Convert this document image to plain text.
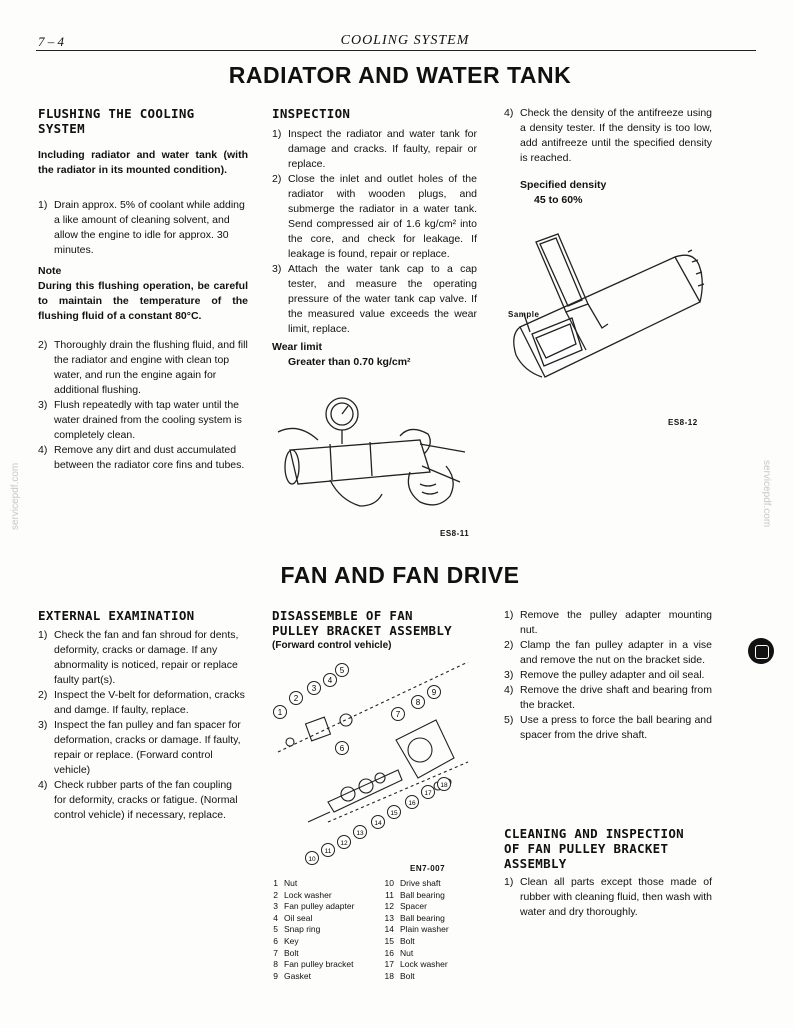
7 – 4	COOLING SYSTEM
RADIATOR AND WATER TANK
FLUSHING THE COOLING
SYSTEM
Including radiator and water tank (with the radiator in its mounted condition).
1) Drain approx. 5% of coolant while adding a like amount of cleaning solvent, and allow the engine to idle for approx. 30 minutes.
Note
During this flushing operation, be careful to maintain the temperature of the flushing fluid of a constant 80°C.
2) Thoroughly drain the flushing fluid, and fill the radiator and engine with clean top water, and run the engine again for additional flushing.
3) Flush repeatedly with tap water until the water drained from the cooling system is completely clean.
4) Remove any dirt and dust accumulated between the radiator core fins and tubes.
INSPECTION
1) Inspect the radiator and water tank for damage and cracks. If faulty, repair or replace.
2) Close the inlet and outlet holes of the radiator with wooden plugs, and submerge the radiator in a water tank. Send compressed air of 1.6 kg/cm² into the core, and check for leakage. If leakage is found, repair or replace.
3) Attach the water tank cap to a cap tester, and measure the operating pressure of the water tank cap valve. If the measured value exceeds the wear limit, replace.
Wear limit
Greater than 0.70 kg/cm²
ES8-11
4) Check the density of the antifreeze using a density tester. If the density is too low, add antifreeze until the specified density is reached.
Specified density
45 to 60%
Sample
ES8-12
FAN AND FAN DRIVE
EXTERNAL EXAMINATION
1) Check the fan and fan shroud for dents, deformity, cracks or damage. If any abnormality is noticed, repair or replace faulty part(s).
2) Inspect the V-belt for deformation, cracks and damge. If faulty, replace.
3) Inspect the fan pulley and fan spacer for deformation, cracks or damage. If faulty, repair or replace. (Forward control vehicle)
4) Check rubber parts of the fan coupling for deformity, cracks or fatigue. (Normal control vehicle) if necessary, replace.
DISASSEMBLE OF FAN
PULLEY BRACKET ASSEMBLY
(Forward control vehicle)
1
2
3
4
5
6
7
8
9
10
11
12
13
14
15
16
17
18
EN7-007
1 Nut
2 Lock washer
3 Fan pulley adapter
4 Oil seal
5 Snap ring
6 Key
7 Bolt
8 Fan pulley bracket
9 Gasket
10 Drive shaft
11 Ball bearing
12 Spacer
13 Ball bearing
14 Plain washer
15 Bolt
16 Nut
17 Lock washer
18 Bolt
1) Remove the pulley adapter mounting nut.
2) Clamp the fan pulley adapter in a vise and remove the nut on the bracket side.
3) Remove the pulley adapter and oil seal.
4) Remove the drive shaft and bearing from the bracket.
5) Use a press to force the ball bearing and spacer from the drive shaft.
CLEANING AND INSPECTION
OF FAN PULLEY BRACKET
ASSEMBLY
1) Clean all parts except those made of rubber with cleaning fluid, then wash with water and dry thoroughly.
servicepdf.com	servicepdf.com
